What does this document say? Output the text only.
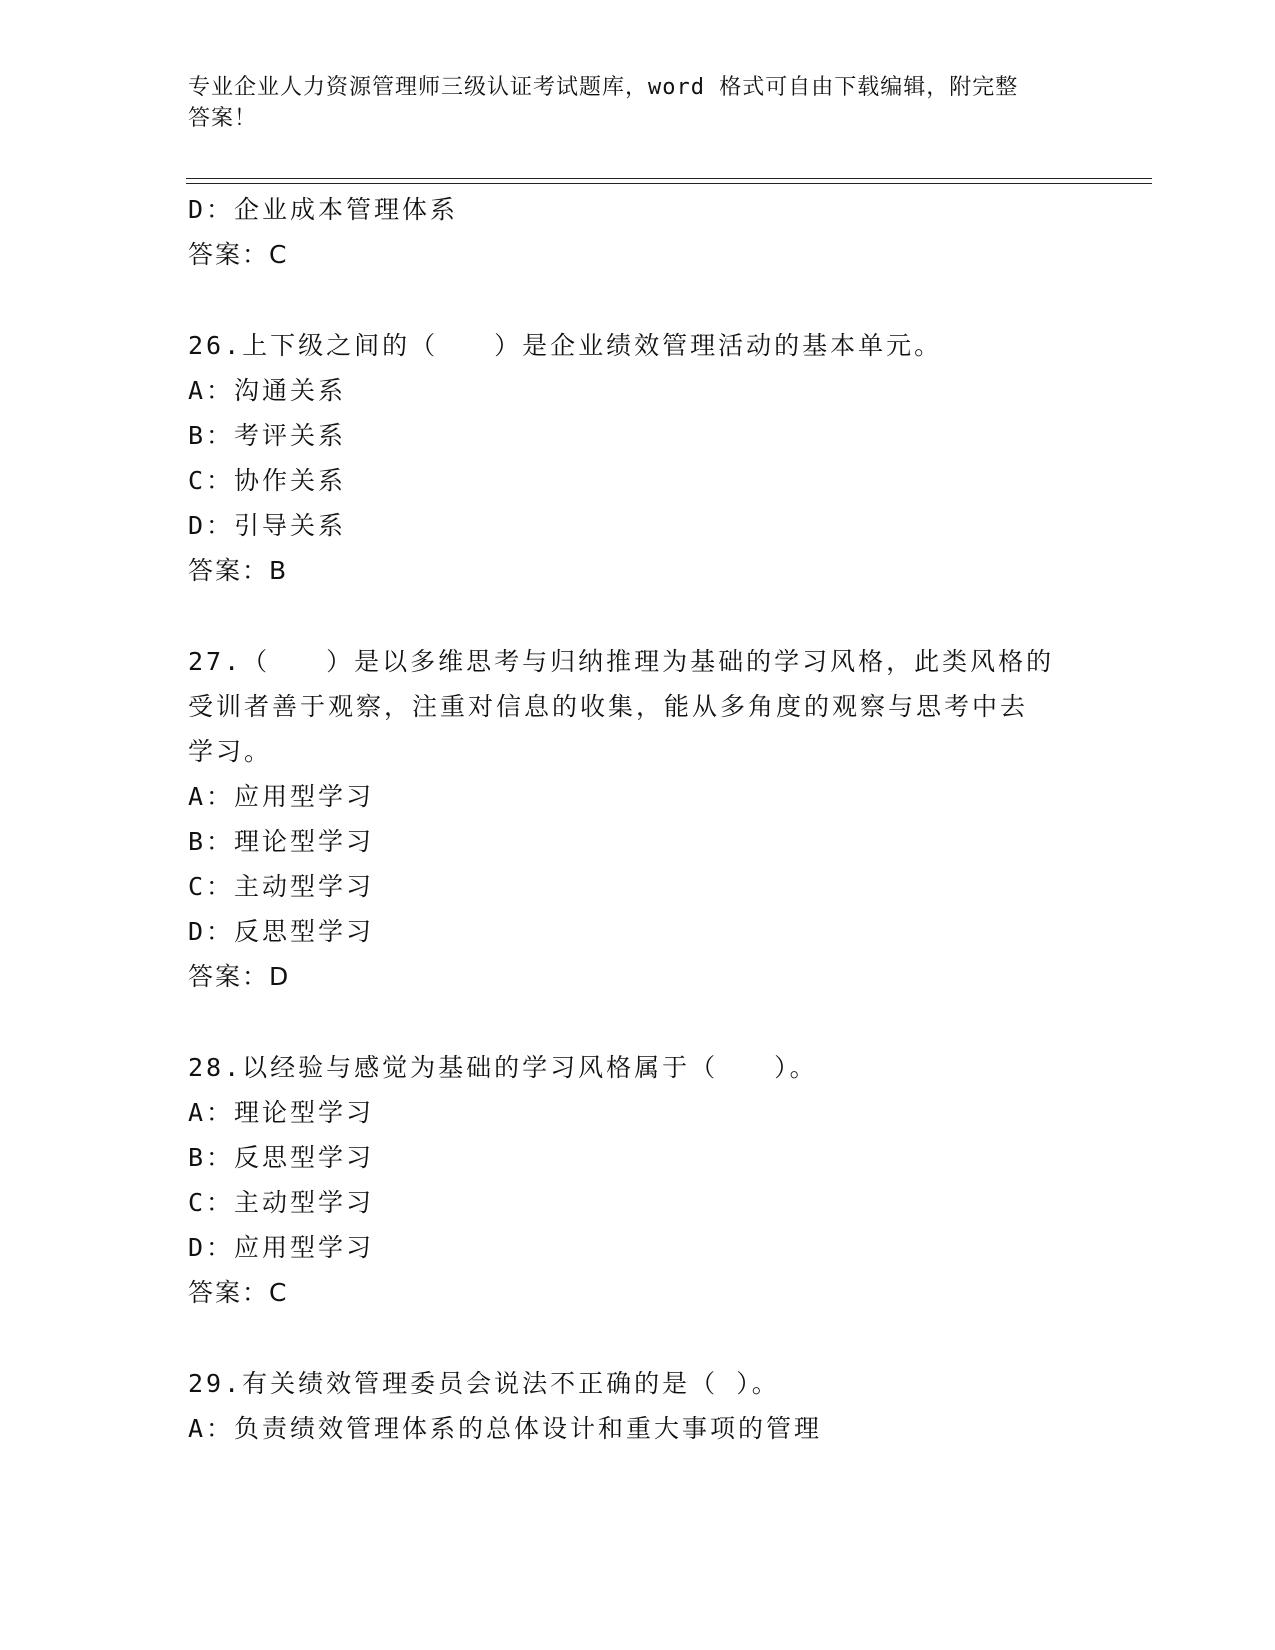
专业企业人力资源管理师三级认证考试题库，word 格式可自由下载编辑，附完整
答案！
D：企业成本管理体系
答案：C
26.上下级之间的（　　）是企业绩效管理活动的基本单元。
A：沟通关系
B：考评关系
C：协作关系
D：引导关系
答案：B
27.（　　）是以多维思考与归纳推理为基础的学习风格，此类风格的
受训者善于观察，注重对信息的收集，能从多角度的观察与思考中去
学习。
A：应用型学习
B：理论型学习
C：主动型学习
D：反思型学习
答案：D
28.以经验与感觉为基础的学习风格属于（　　）。
A：理论型学习
B：反思型学习
C：主动型学习
D：应用型学习
答案：C
29.有关绩效管理委员会说法不正确的是（ ）。
A：负责绩效管理体系的总体设计和重大事项的管理
